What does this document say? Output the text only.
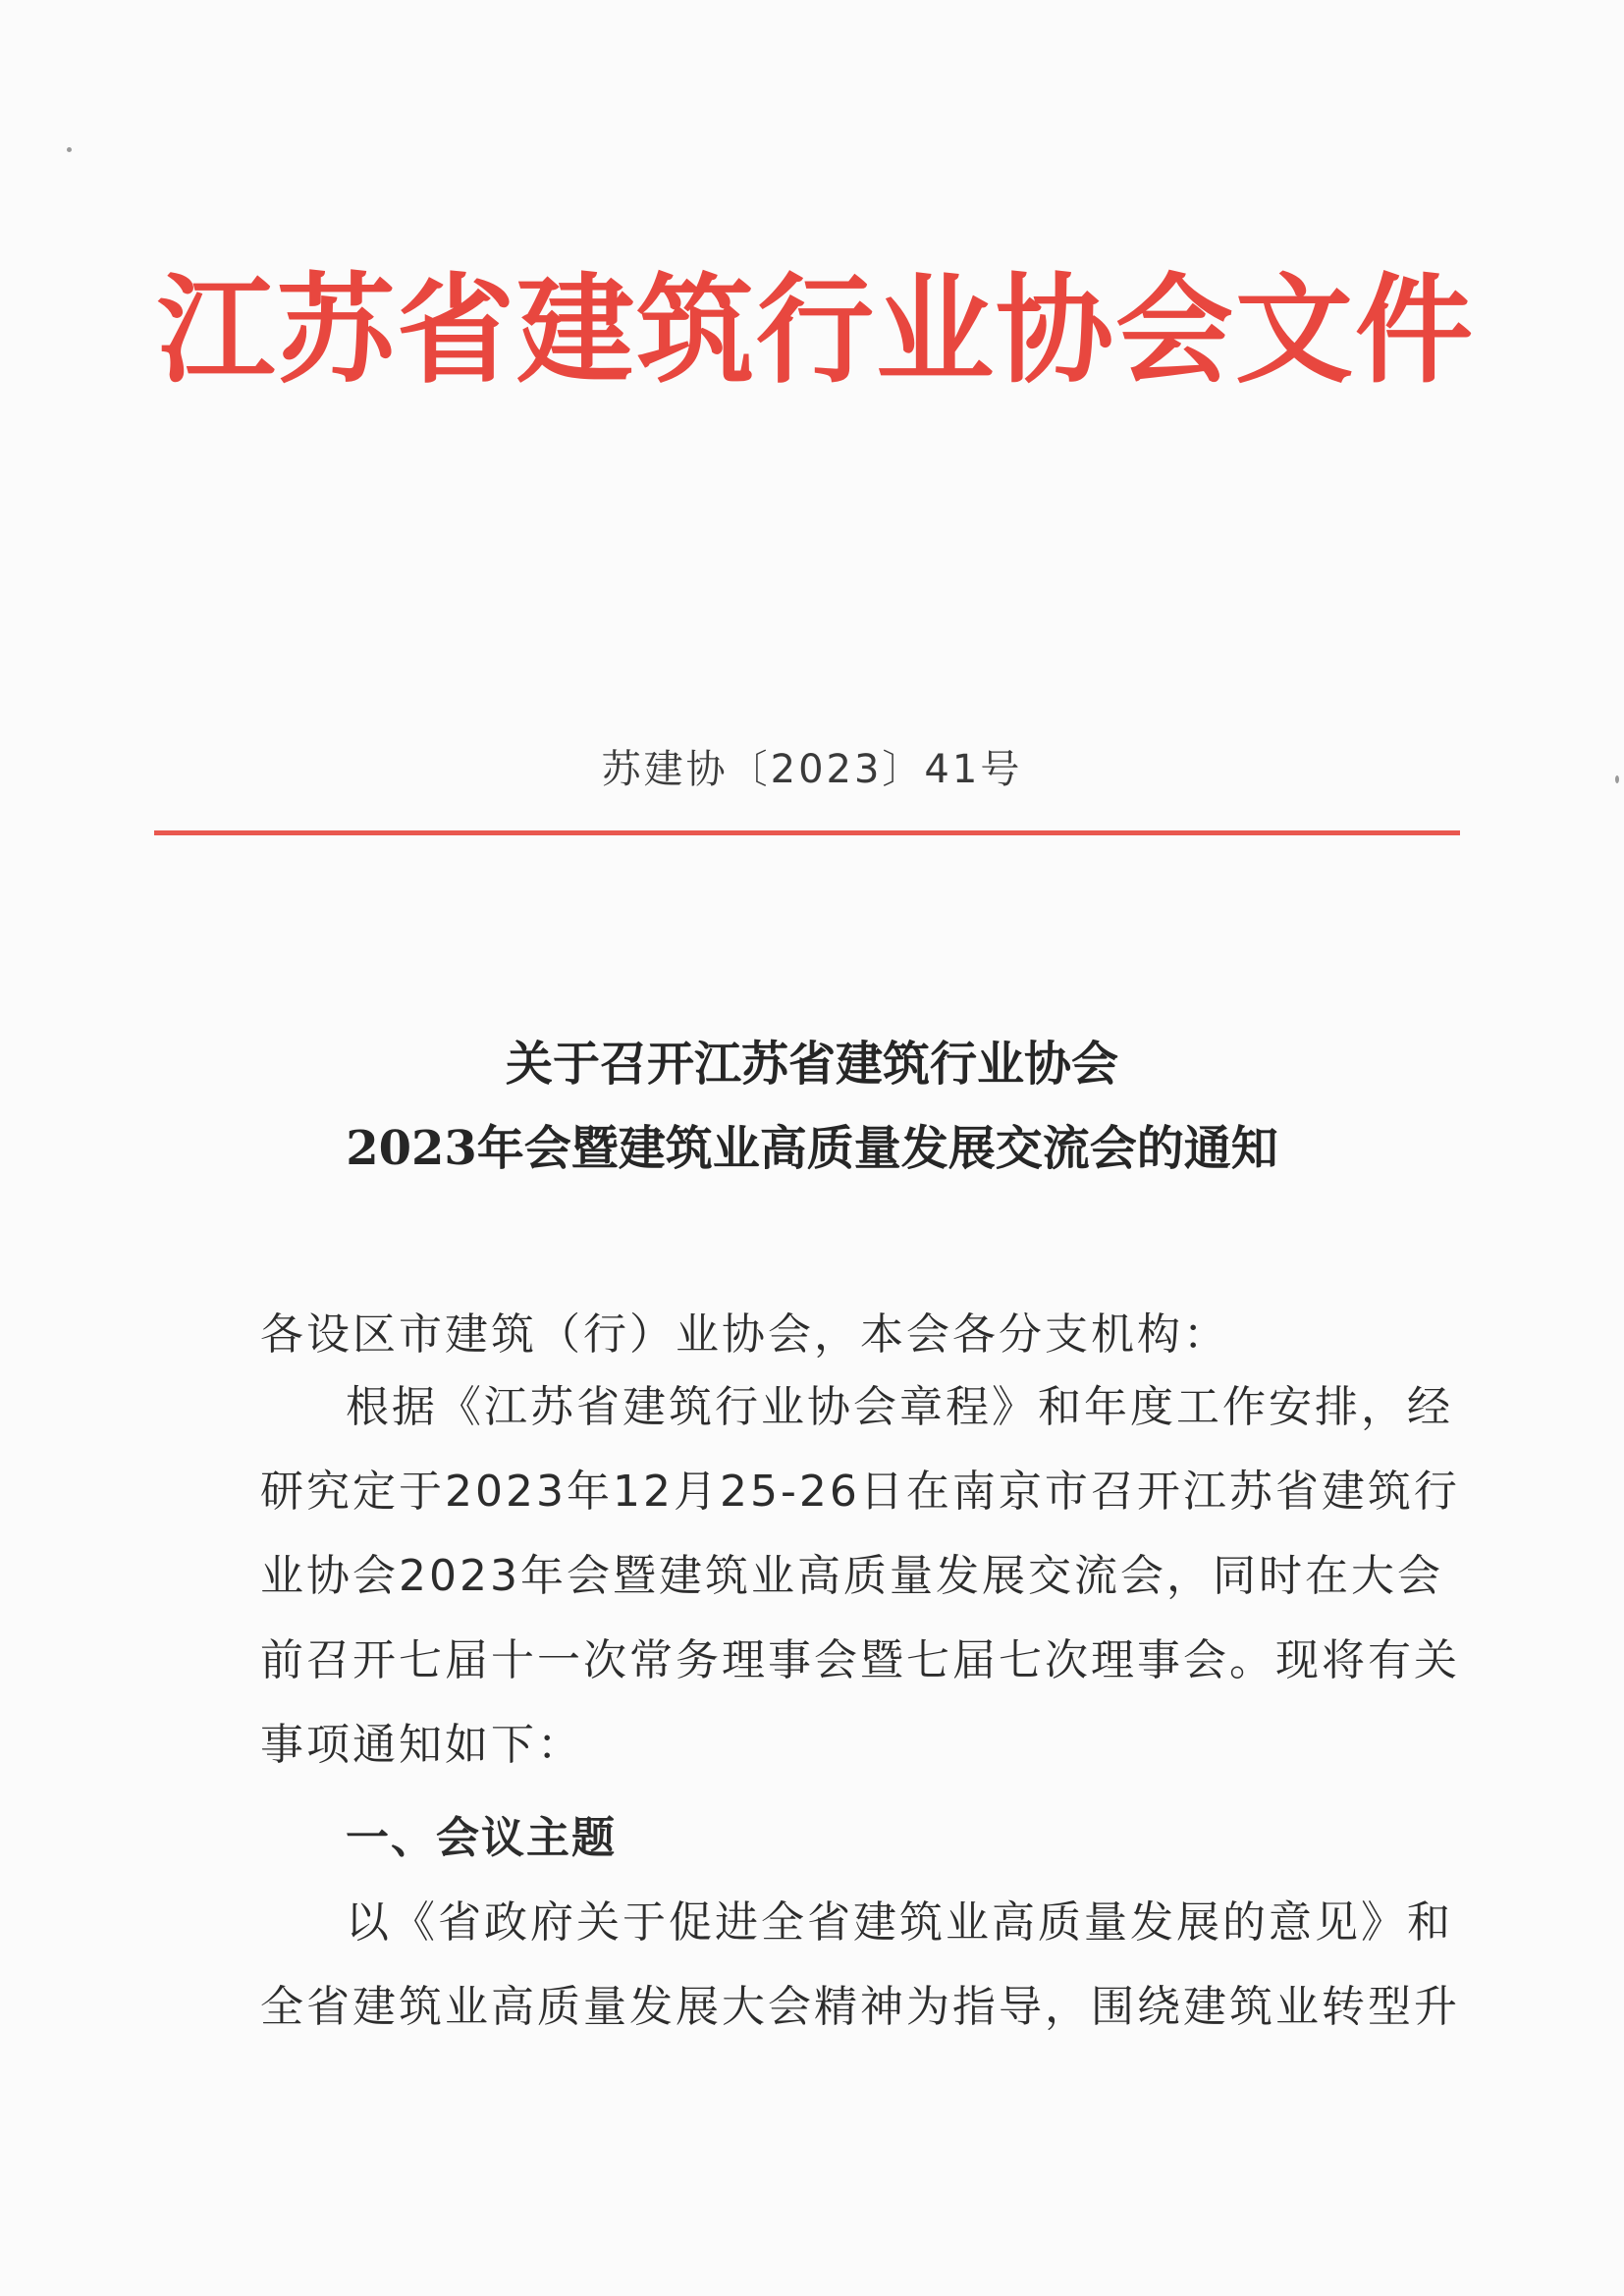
江苏省建筑行业协会文件
苏建协〔2023〕41号
关于召开江苏省建筑行业协会
2023年会暨建筑业高质量发展交流会的通知
各设区市建筑（行）业协会，本会各分支机构：
根据《江苏省建筑行业协会章程》和年度工作安排，经
研究定于2023年12月25-26日在南京市召开江苏省建筑行
业协会2023年会暨建筑业高质量发展交流会，同时在大会
前召开七届十一次常务理事会暨七届七次理事会。现将有关
事项通知如下：
一、会议主题
以《省政府关于促进全省建筑业高质量发展的意见》和
全省建筑业高质量发展大会精神为指导，围绕建筑业转型升
